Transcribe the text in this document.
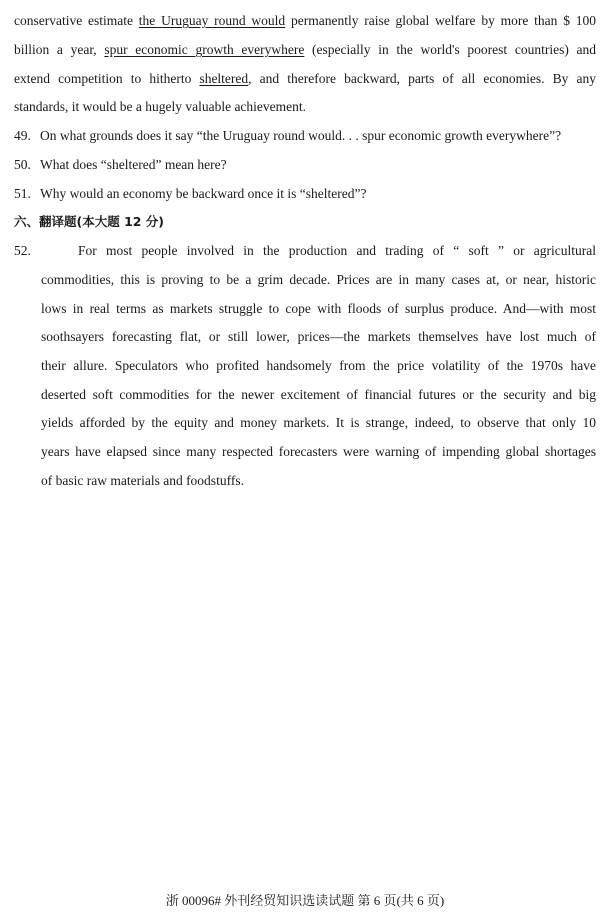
conservative estimate the Uruguay round would permanently raise global welfare by more than $ 100
billion a year, spur economic growth everywhere (especially in the world's poorest countries) and
extend competition to hitherto sheltered, and therefore backward, parts of all economies. By any
standards, it would be a hugely valuable achievement.
49. On what grounds does it say “the Uruguay round would. . . spur economic growth everywhere”?
50. What does “sheltered” mean here?
51. Why would an economy be backward once it is “sheltered”?
六、翻译题(本大题 12 分)
52.	For most people involved in the production and trading of “ soft ” or agricultural
commodities, this is proving to be a grim decade. Prices are in many cases at, or near, historic
lows in real terms as markets struggle to cope with floods of surplus produce. And—with most
soothsayers forecasting flat, or still lower, prices—the markets themselves have lost much of
their allure. Speculators who profited handsomely from the price volatility of the 1970s have
deserted soft commodities for the newer excitement of financial futures or the security and big
yields afforded by the equity and money markets. It is strange, indeed, to observe that only 10
years have elapsed since many respected forecasters were warning of impending global shortages
of basic raw materials and foodstuffs.
浙 00096# 外刊经贸知识选读试题 第 6 页(共 6 页)
